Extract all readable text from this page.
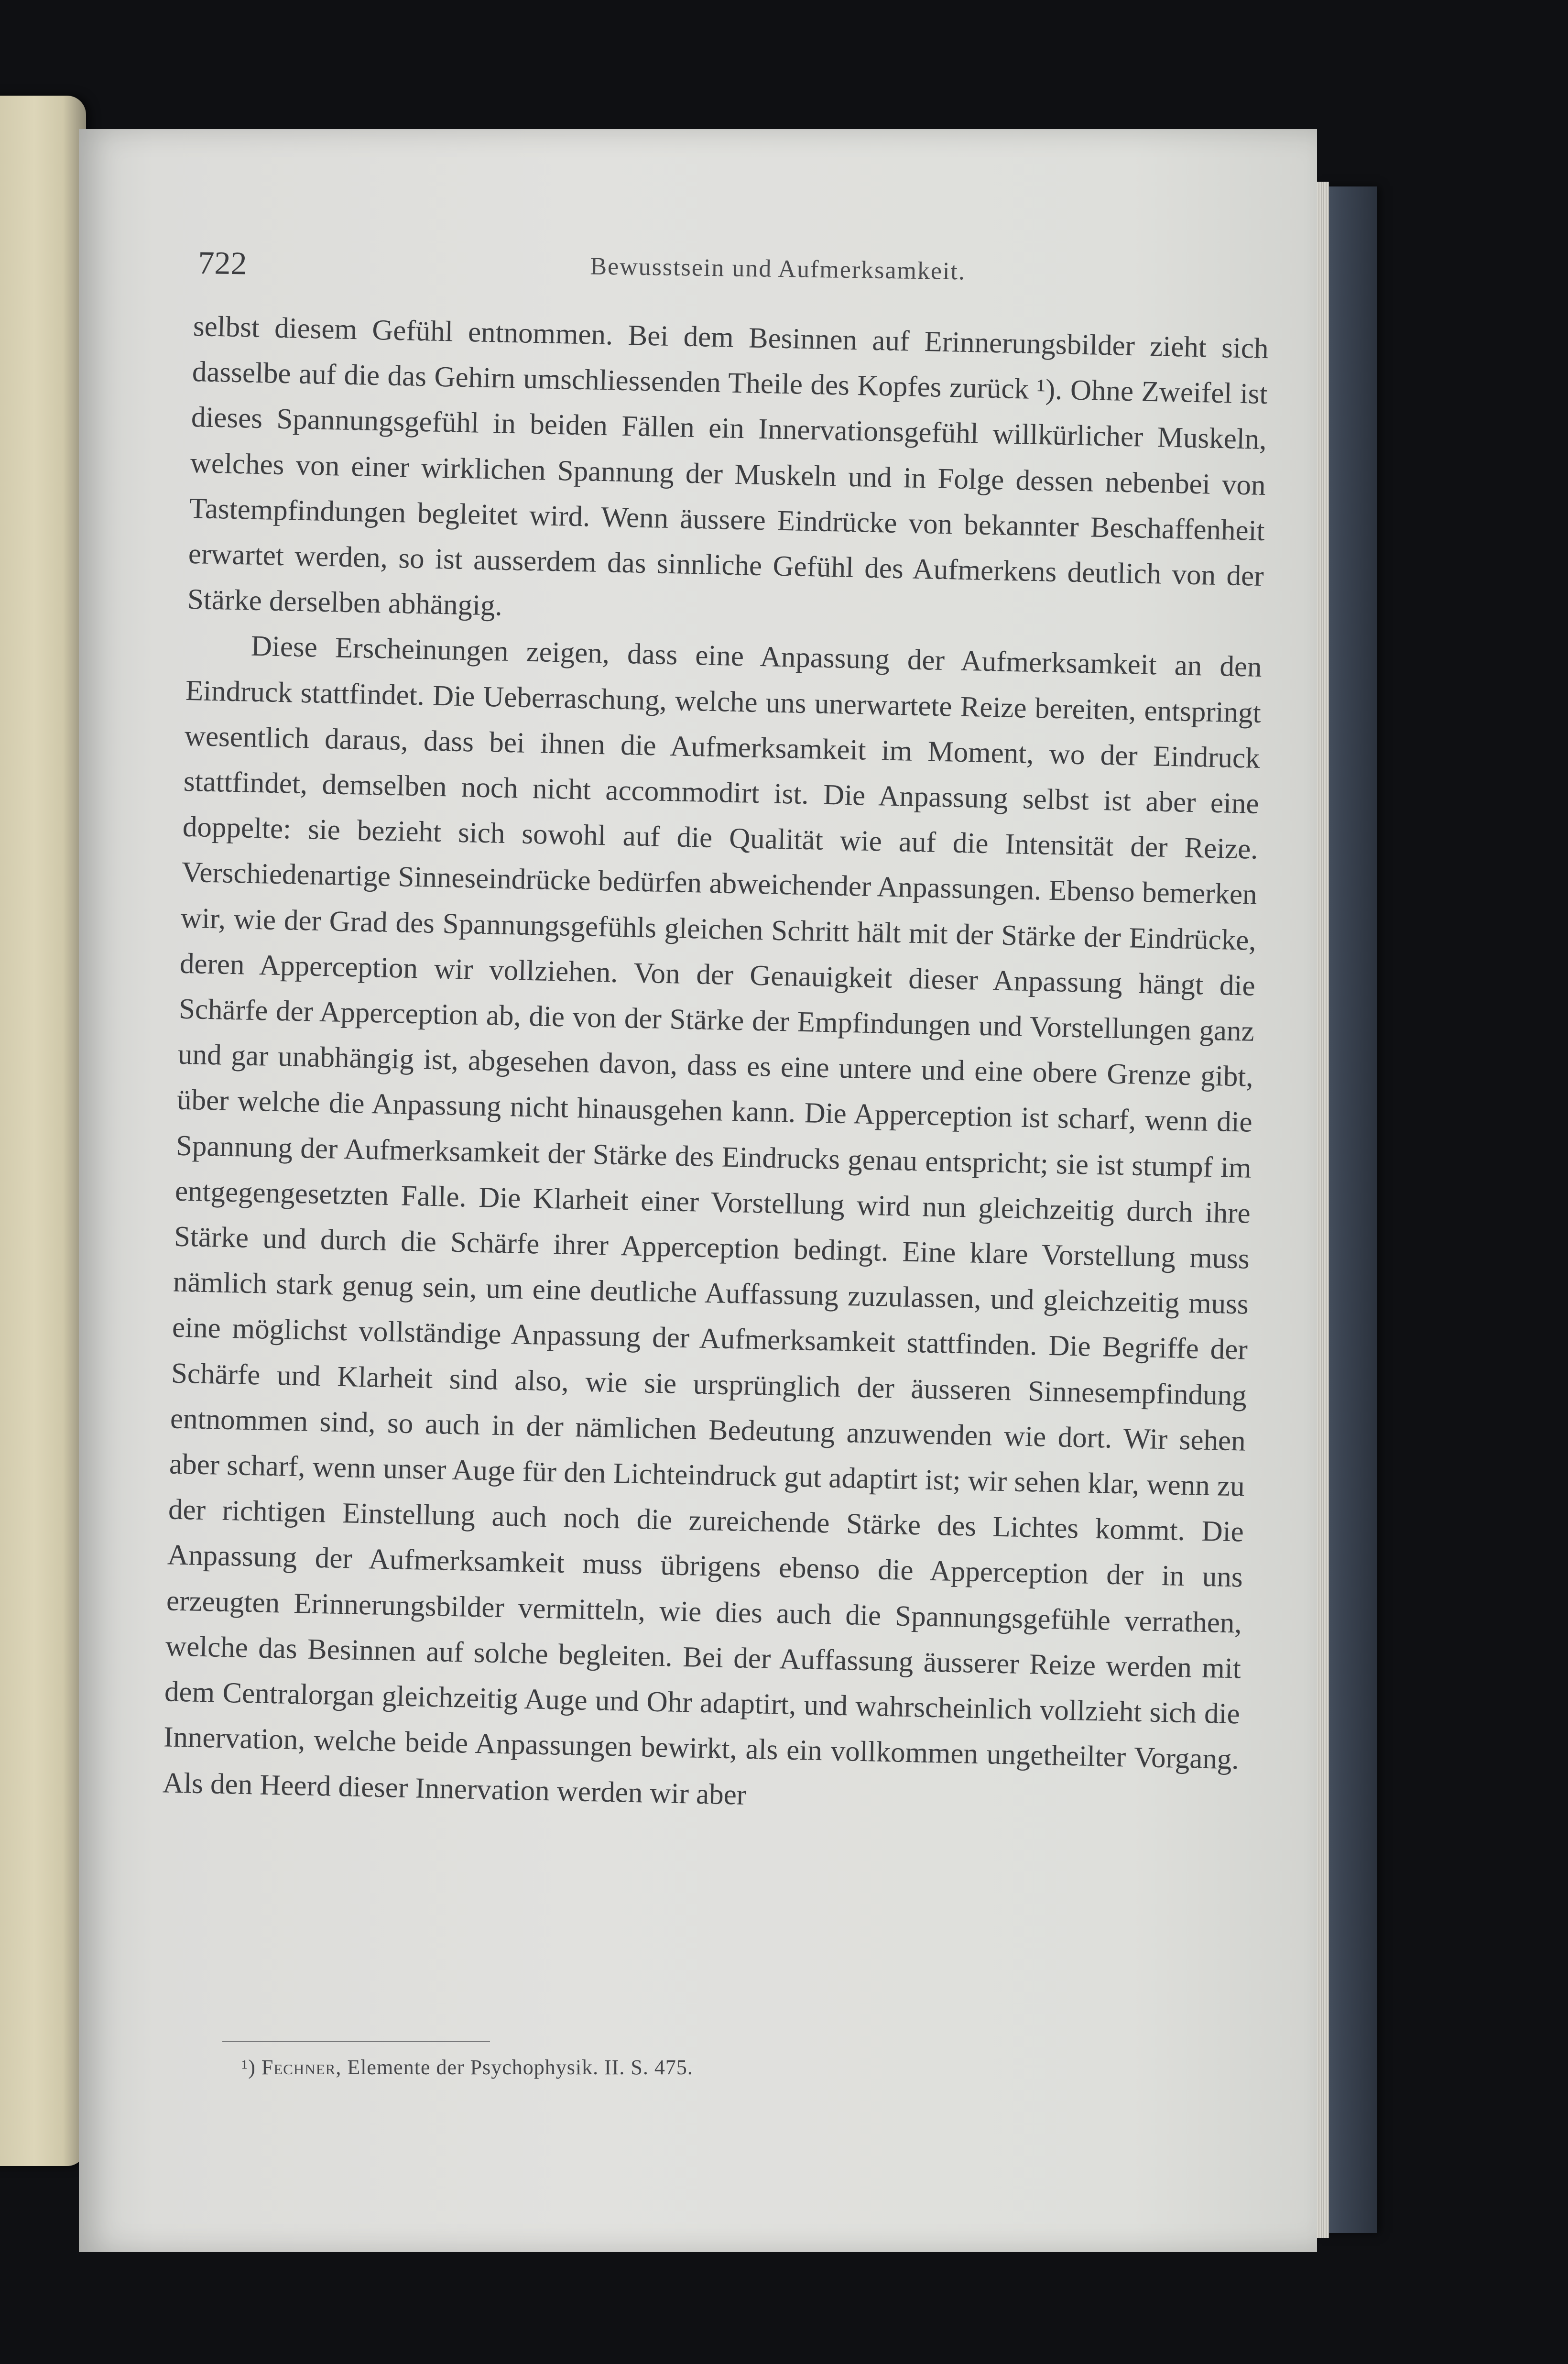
722	Bewusstsein und Aufmerksamkeit.

selbst diesem Gefühl entnommen. Bei dem Besinnen auf Erinnerungsbilder zieht sich dasselbe auf die das Gehirn umschliessenden Theile des Kopfes zurück ¹). Ohne Zweifel ist dieses Spannungsgefühl in beiden Fällen ein Innervationsgefühl willkürlicher Muskeln, welches von einer wirklichen Spannung der Muskeln und in Folge dessen nebenbei von Tastempfindungen begleitet wird. Wenn äussere Eindrücke von bekannter Beschaffenheit erwartet werden, so ist ausserdem das sinnliche Gefühl des Aufmerkens deutlich von der Stärke derselben abhängig.

Diese Erscheinungen zeigen, dass eine Anpassung der Aufmerksamkeit an den Eindruck stattfindet. Die Ueberraschung, welche uns unerwartete Reize bereiten, entspringt wesentlich daraus, dass bei ihnen die Aufmerksamkeit im Moment, wo der Eindruck stattfindet, demselben noch nicht accommodirt ist. Die Anpassung selbst ist aber eine doppelte: sie bezieht sich sowohl auf die Qualität wie auf die Intensität der Reize. Verschiedenartige Sinneseindrücke bedürfen abweichender Anpassungen. Ebenso bemerken wir, wie der Grad des Spannungsgefühls gleichen Schritt hält mit der Stärke der Eindrücke, deren Apperception wir vollziehen. Von der Genauigkeit dieser Anpassung hängt die Schärfe der Apperception ab, die von der Stärke der Empfindungen und Vorstellungen ganz und gar unabhängig ist, abgesehen davon, dass es eine untere und eine obere Grenze gibt, über welche die Anpassung nicht hinausgehen kann. Die Apperception ist scharf, wenn die Spannung der Aufmerksamkeit der Stärke des Eindrucks genau entspricht; sie ist stumpf im entgegengesetzten Falle. Die Klarheit einer Vorstellung wird nun gleichzeitig durch ihre Stärke und durch die Schärfe ihrer Apperception bedingt. Eine klare Vorstellung muss nämlich stark genug sein, um eine deutliche Auffassung zuzulassen, und gleichzeitig muss eine möglichst vollständige Anpassung der Aufmerksamkeit stattfinden. Die Begriffe der Schärfe und Klarheit sind also, wie sie ursprünglich der äusseren Sinnesempfindung entnommen sind, so auch in der nämlichen Bedeutung anzuwenden wie dort. Wir sehen aber scharf, wenn unser Auge für den Lichteindruck gut adaptirt ist; wir sehen klar, wenn zu der richtigen Einstellung auch noch die zureichende Stärke des Lichtes kommt. Die Anpassung der Aufmerksamkeit muss übrigens ebenso die Apperception der in uns erzeugten Erinnerungsbilder vermitteln, wie dies auch die Spannungsgefühle verrathen, welche das Besinnen auf solche begleiten. Bei der Auffassung äusserer Reize werden mit dem Centralorgan gleichzeitig Auge und Ohr adaptirt, und wahrscheinlich vollzieht sich die Innervation, welche beide Anpassungen bewirkt, als ein vollkommen ungetheilter Vorgang. Als den Heerd dieser Innervation werden wir aber

¹) Fechner, Elemente der Psychophysik. II. S. 475.
